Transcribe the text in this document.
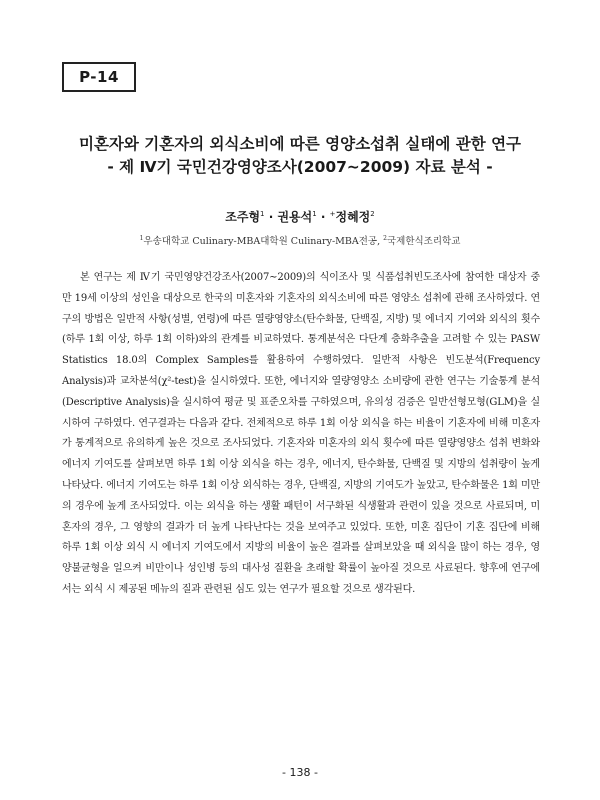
P-14
미혼자와 기혼자의 외식소비에 따른 영양소섭취 실태에 관한 연구
- 제 Ⅳ기 국민건강영양조사(2007∼2009) 자료 분석 -
조주형$^1$ · 권용석$^1$ · +정혜정$^2$
$^1$우송대학교 Culinary-MBA대학원 Culinary-MBA전공, $^2$국제한식조리학교

본 연구는 제 Ⅳ기 국민영양건강조사(2007∼2009)의 식이조사 및 식품섭취빈도조사에 참여한 대상자 중 만 19세 이상의 성인을 대상으로 한국의 미혼자와 기혼자의 외식소비에 따른 영양소 섭취에 관해 조사하였다. 연구의 방법은 일반적 사항(성별, 연령)에 따른 열량영양소(탄수화물, 단백질, 지방) 및 에너지 기여와 외식의 횟수(하루 1회 이상, 하루 1회 이하)와의 관계를 비교하였다. 통계분석은 다단계 층화추출을 고려할 수 있는 PASW Statistics 18.0의 Complex Samples를 활용하여 수행하였다. 일반적 사항은 빈도분석(Frequency Analysis)과 교차분석(χ²-test)을 실시하였다. 또한, 에너지와 열량영양소 소비량에 관한 연구는 기술통계 분석(Descriptive Analysis)을 실시하여 평균 및 표준오차를 구하였으며, 유의성 검증은 일반선형모형(GLM)을 실시하여 구하였다. 연구결과는 다음과 같다. 전체적으로 하루 1회 이상 외식을 하는 비율이 기혼자에 비해 미혼자가 통계적으로 유의하게 높은 것으로 조사되었다. 기혼자와 미혼자의 외식 횟수에 따른 열량영양소 섭취 변화와 에너지 기여도를 살펴보면 하루 1회 이상 외식을 하는 경우, 에너지, 탄수화물, 단백질 및 지방의 섭취량이 높게 나타났다. 에너지 기여도는 하루 1회 이상 외식하는 경우, 단백질, 지방의 기여도가 높았고, 탄수화물은 1회 미만의 경우에 높게 조사되었다. 이는 외식을 하는 생활 패턴이 서구화된 식생활과 관련이 있을 것으로 사료되며, 미혼자의 경우, 그 영향의 결과가 더 높게 나타난다는 것을 보여주고 있었다. 또한, 미혼 집단이 기혼 집단에 비해 하루 1회 이상 외식 시 에너지 기여도에서 지방의 비율이 높은 결과를 살펴보았을 때 외식을 많이 하는 경우, 영양불균형을 일으켜 비만이나 성인병 등의 대사성 질환을 초래할 확률이 높아질 것으로 사료된다. 향후에 연구에서는 외식 시 제공된 메뉴의 질과 관련된 심도 있는 연구가 필요할 것으로 생각된다.

- 138 -
